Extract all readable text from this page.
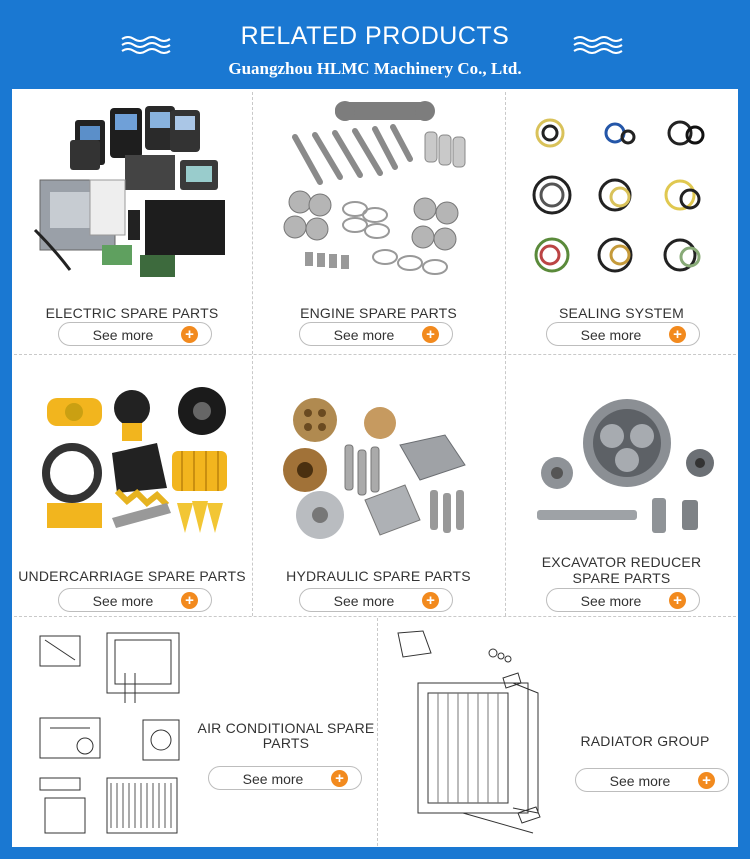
RELATED PRODUCTS
Guangzhou HLMC Machinery Co., Ltd.
ELECTRIC SPARE PARTS
See more	+
ENGINE SPARE PARTS
See more	+
SEALING SYSTEM
See more	+
UNDERCARRIAGE SPARE PARTS
See more	+
HYDRAULIC SPARE PARTS
See more	+
EXCAVATOR REDUCER
SPARE PARTS
See more	+
AIR CONDITIONAL SPARE
PARTS
See more	+
RADIATOR GROUP
See more	+
